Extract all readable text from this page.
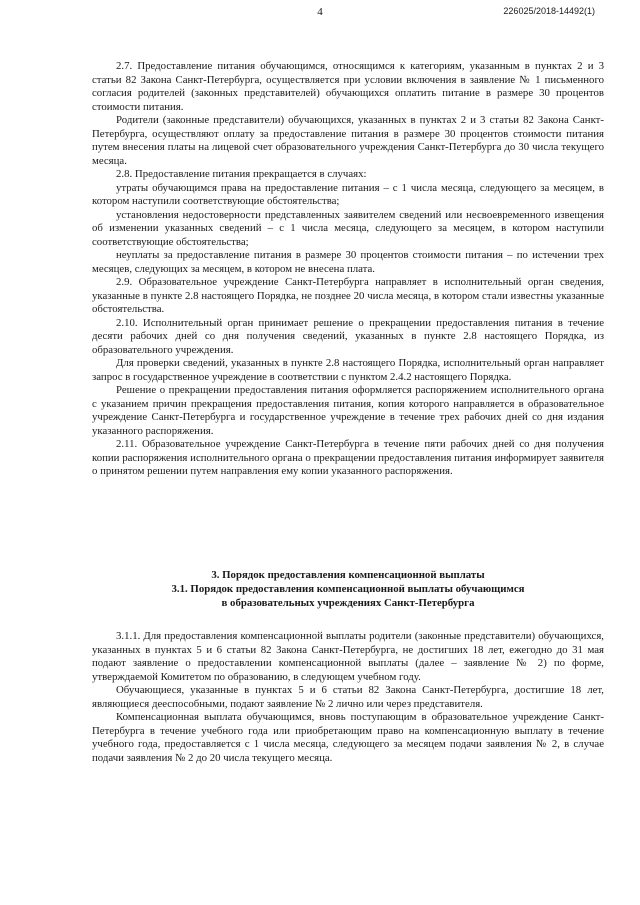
4	226025/2018-14492(1)

2.7. Предоставление питания обучающимся, относящимся к категориям, указанным в пунктах 2 и 3 статьи 82 Закона Санкт-Петербурга, осуществляется при условии включения в заявление № 1 письменного согласия родителей (законных представителей) обучающихся оплатить питание в размере 30 процентов стоимости питания.

Родители (законные представители) обучающихся, указанных в пунктах 2 и 3 статьи 82 Закона Санкт-Петербурга, осуществляют оплату за предоставление питания в размере 30 процентов стоимости питания путем внесения платы на лицевой счет образовательного учреждения Санкт-Петербурга до 30 числа текущего месяца.

2.8. Предоставление питания прекращается в случаях:

утраты обучающимся права на предоставление питания – с 1 числа месяца, следующего за месяцем, в котором наступили соответствующие обстоятельства;

установления недостоверности представленных заявителем сведений или несвоевременного извещения об изменении указанных сведений – с 1 числа месяца, следующего за месяцем, в котором наступили соответствующие обстоятельства;

неуплаты за предоставление питания в размере 30 процентов стоимости питания – по истечении трех месяцев, следующих за месяцем, в котором не внесена плата.

2.9. Образовательное учреждение Санкт-Петербурга направляет в исполнительный орган сведения, указанные в пункте 2.8 настоящего Порядка, не позднее 20 числа месяца, в котором стали известны указанные обстоятельства.

2.10. Исполнительный орган принимает решение о прекращении предоставления питания в течение десяти рабочих дней со дня получения сведений, указанных в пункте 2.8 настоящего Порядка, из образовательного учреждения.

Для проверки сведений, указанных в пункте 2.8 настоящего Порядка, исполнительный орган направляет запрос в государственное учреждение в соответствии с пунктом 2.4.2 настоящего Порядка.

Решение о прекращении предоставления питания оформляется распоряжением исполнительного органа с указанием причин прекращения предоставления питания, копия которого направляется в образовательное учреждение Санкт-Петербурга и государственное учреждение в течение трех рабочих дней со дня издания указанного распоряжения.

2.11. Образовательное учреждение Санкт-Петербурга в течение пяти рабочих дней со дня получения копии распоряжения исполнительного органа о прекращении предоставления питания информирует заявителя о принятом решении путем направления ему копии указанного распоряжения.

3. Порядок предоставления компенсационной выплаты
3.1. Порядок предоставления компенсационной выплаты обучающимся
в образовательных учреждениях Санкт-Петербурга

3.1.1. Для предоставления компенсационной выплаты родители (законные представители) обучающихся, указанных в пунктах 5 и 6 статьи 82 Закона Санкт-Петербурга, не достигших 18 лет, ежегодно до 31 мая подают заявление о предоставлении компенсационной выплаты (далее – заявление № 2) по форме, утверждаемой Комитетом по образованию, в следующем учебном году.

Обучающиеся, указанные в пунктах 5 и 6 статьи 82 Закона Санкт-Петербурга, достигшие 18 лет, являющиеся дееспособными, подают заявление № 2 лично или через представителя.

Компенсационная выплата обучающимся, вновь поступающим в образовательное учреждение Санкт-Петербурга в течение учебного года или приобретающим право на компенсационную выплату в течение учебного года, предоставляется с 1 числа месяца, следующего за месяцем подачи заявления № 2, в случае подачи заявления № 2 до 20 числа текущего месяца.
